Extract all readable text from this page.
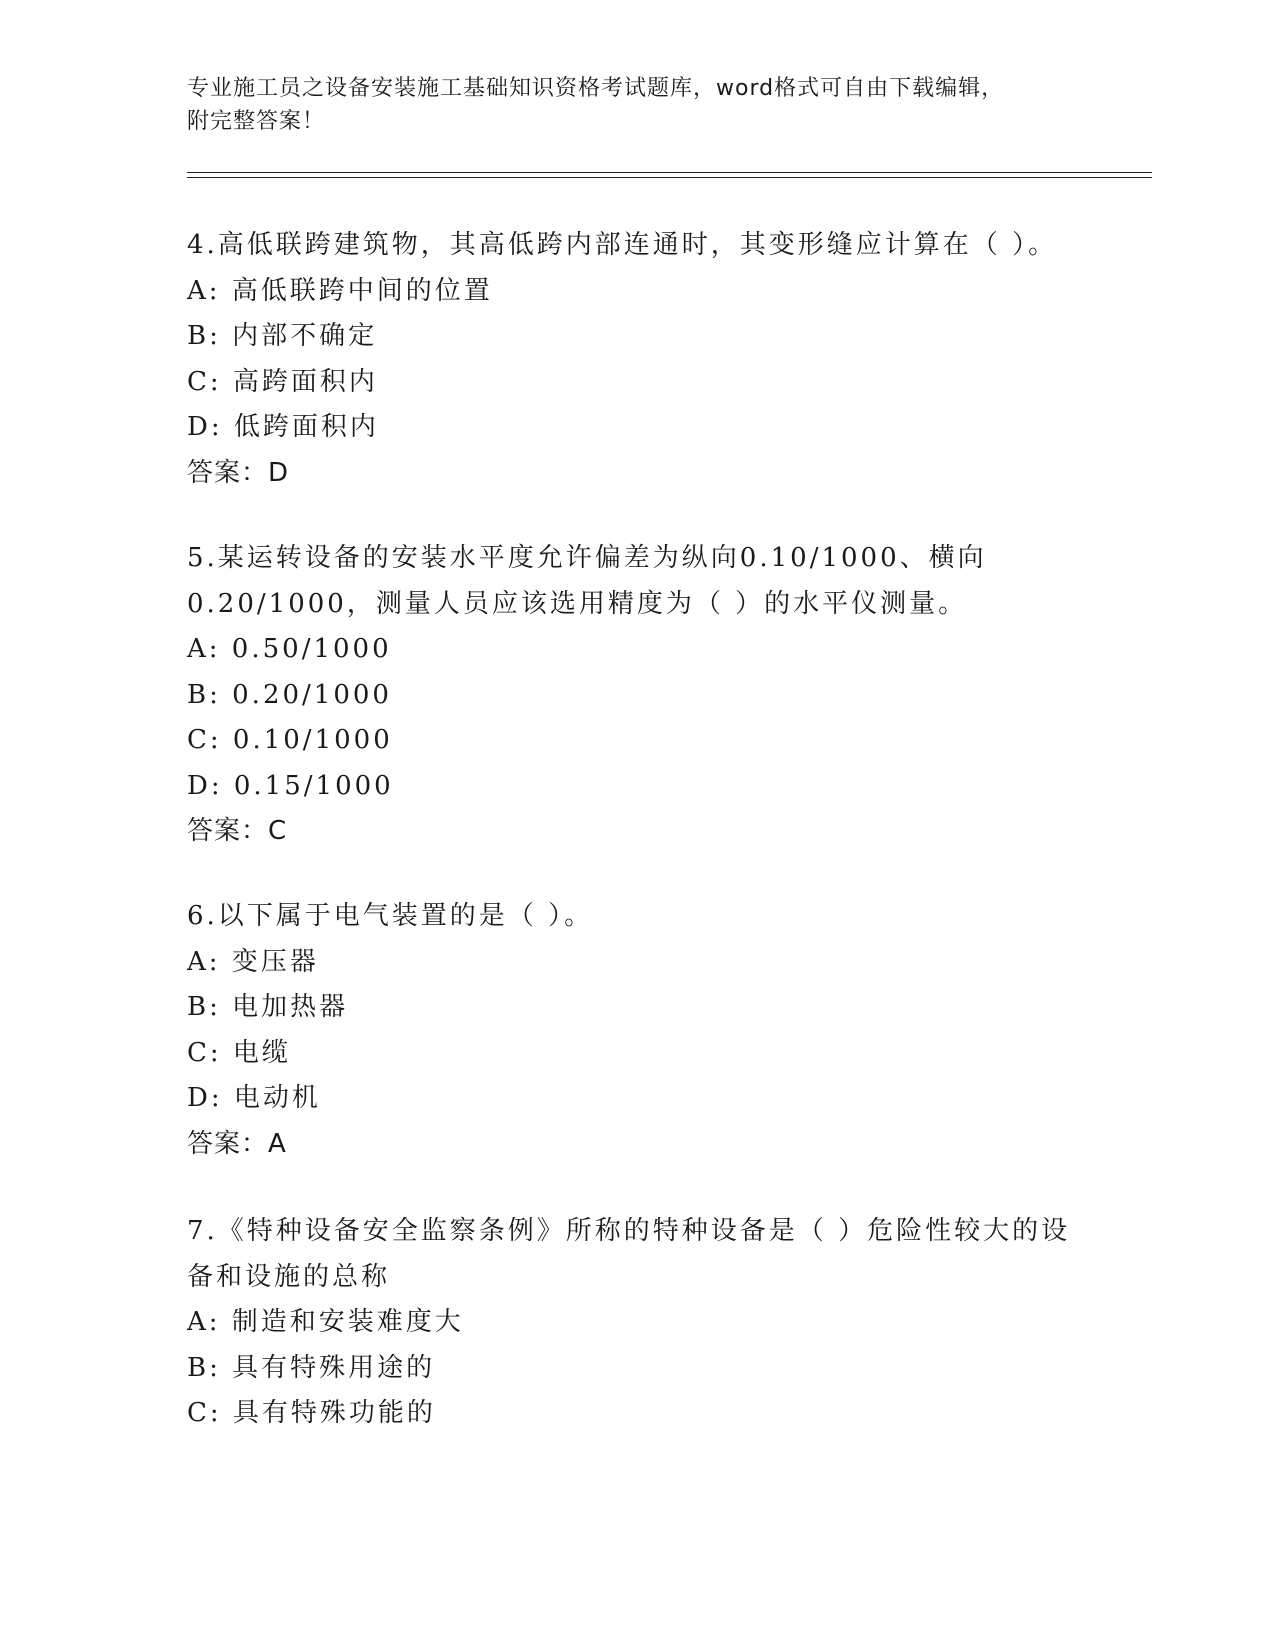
专业施工员之设备安装施工基础知识资格考试题库，word格式可自由下载编辑，
附完整答案！
4.高低联跨建筑物，其高低跨内部连通时，其变形缝应计算在（ ）。
A: 高低联跨中间的位置
B: 内部不确定
C: 高跨面积内
D: 低跨面积内
答案：D
5.某运转设备的安装水平度允许偏差为纵向0.10/1000、横向
0.20/1000，测量人员应该选用精度为（ ）的水平仪测量。
A: 0.50/1000
B: 0.20/1000
C: 0.10/1000
D: 0.15/1000
答案：C
6.以下属于电气装置的是（ ）。
A: 变压器
B: 电加热器
C: 电缆
D: 电动机
答案：A
7.《特种设备安全监察条例》所称的特种设备是（ ）危险性较大的设
备和设施的总称
A: 制造和安装难度大
B: 具有特殊用途的
C: 具有特殊功能的
